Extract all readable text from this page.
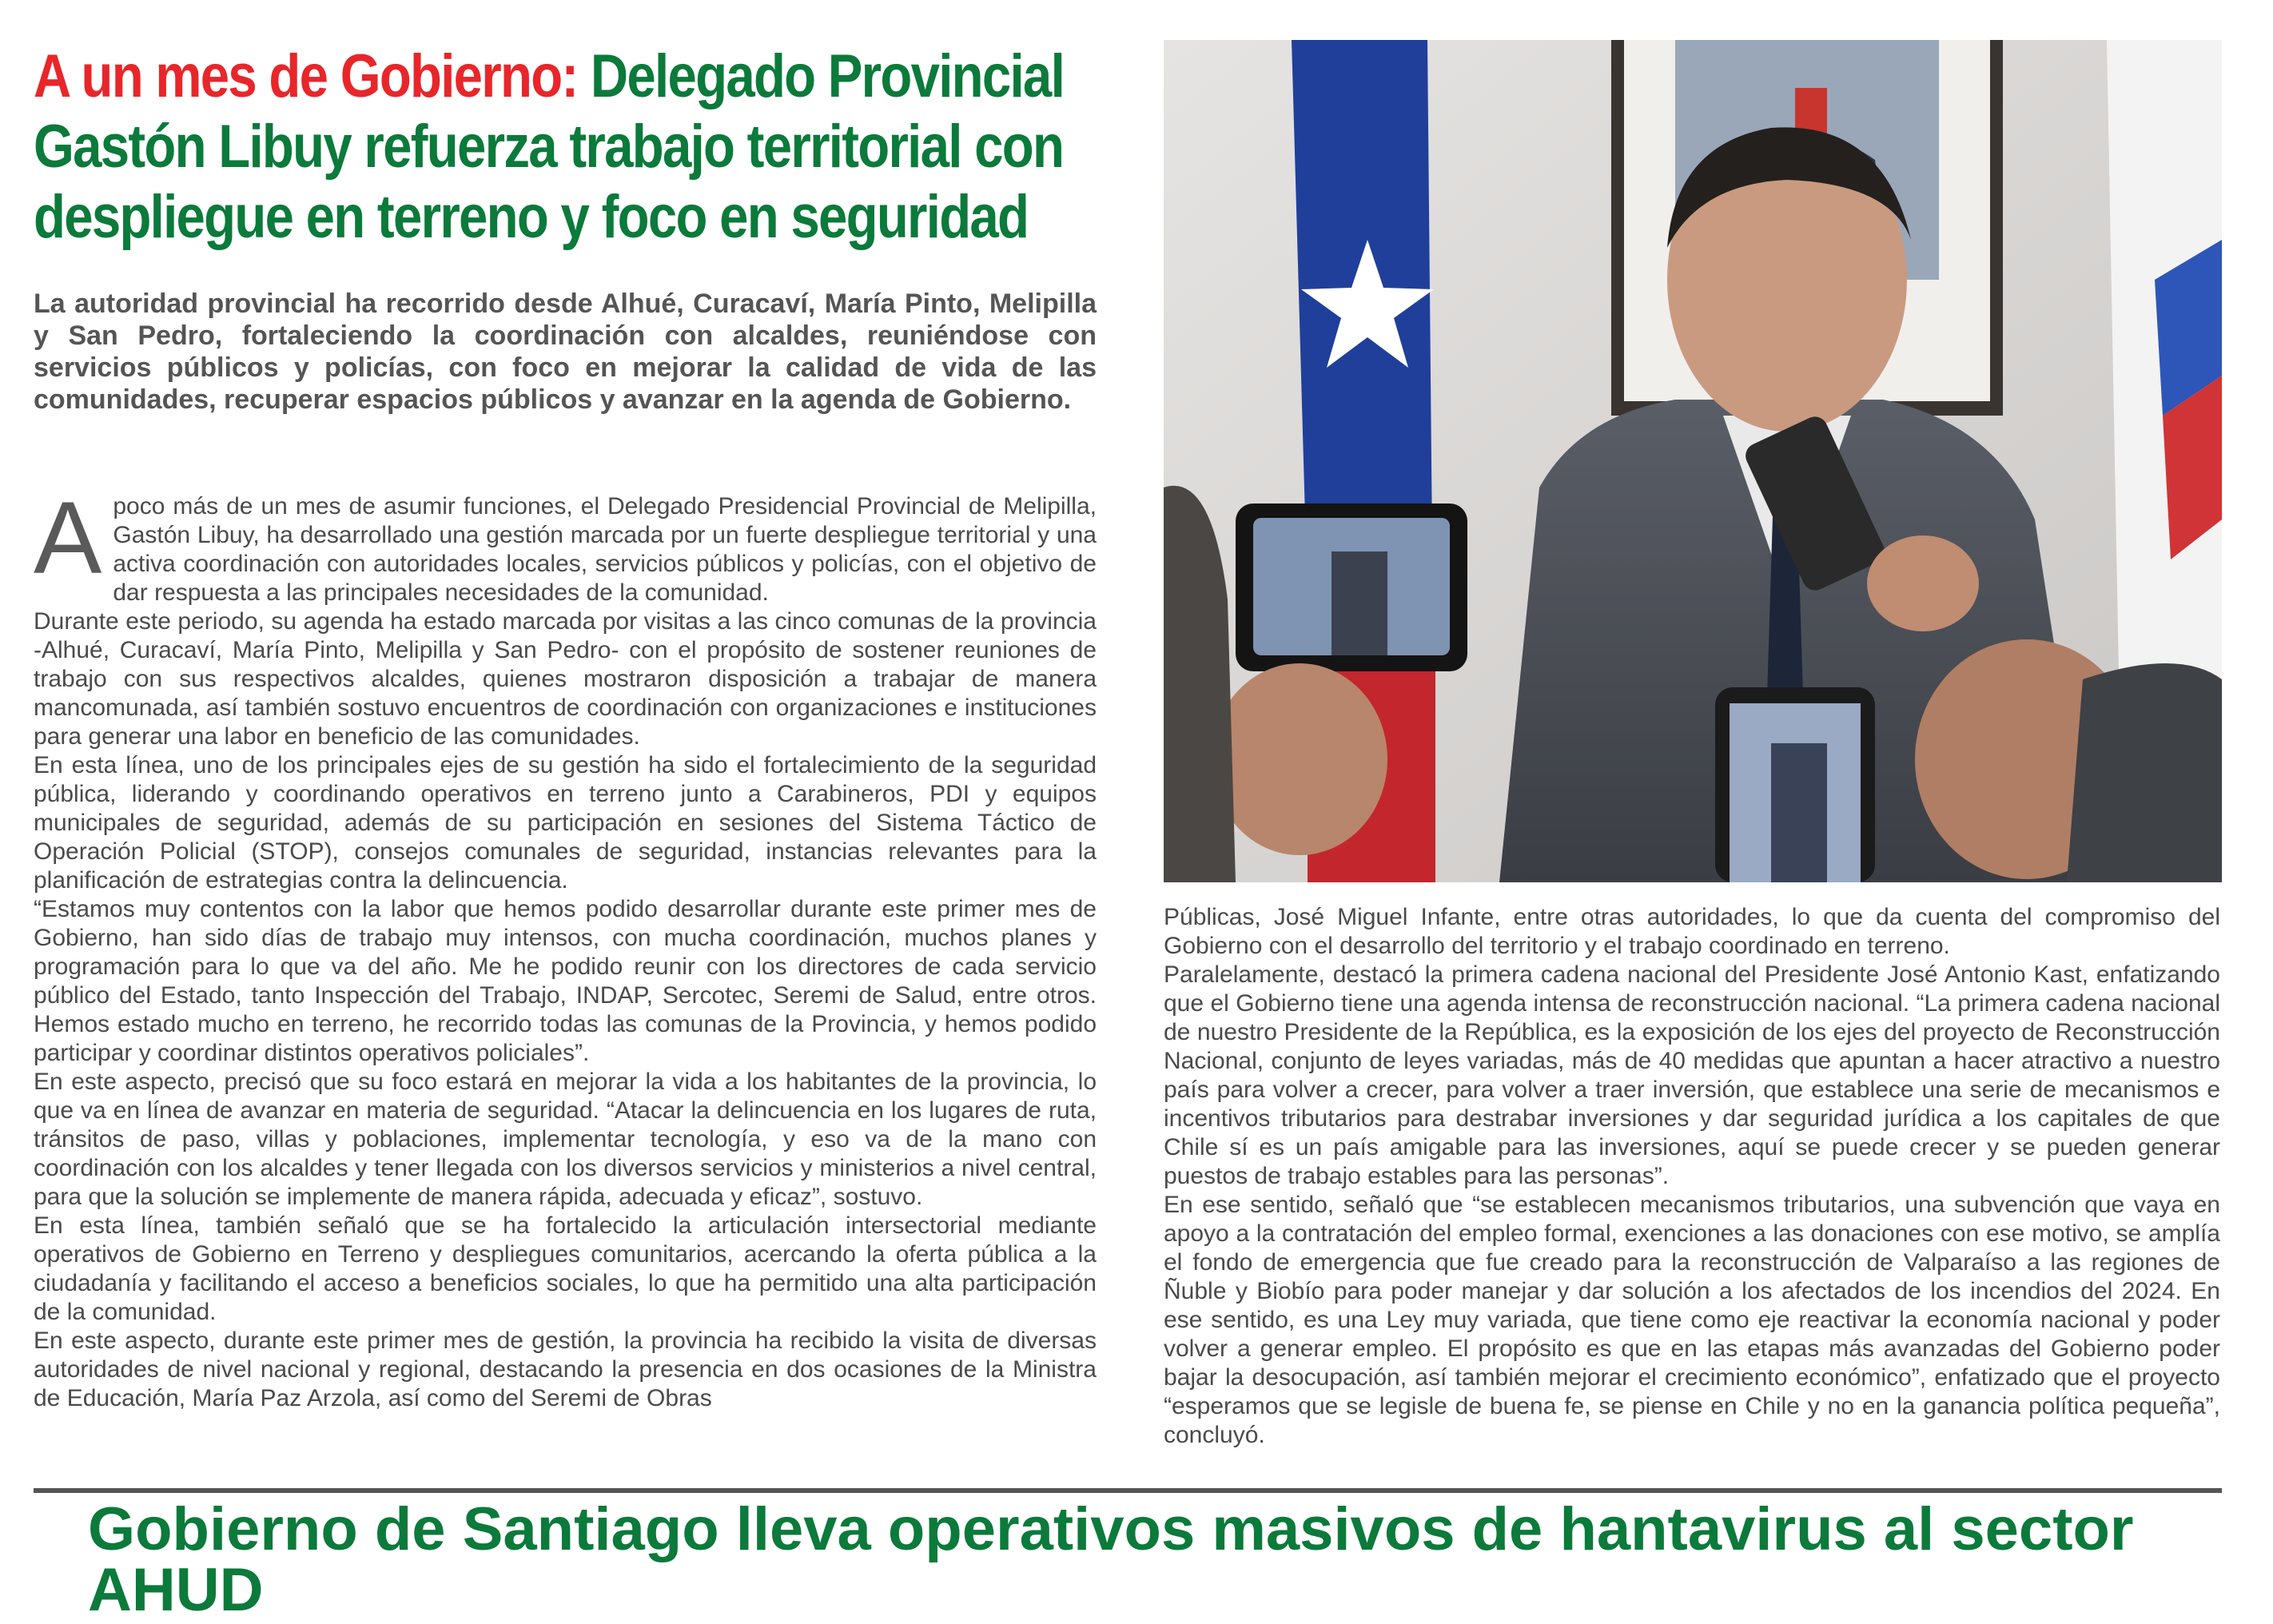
A un mes de Gobierno: Delegado Provincial Gastón Libuy refuerza trabajo territorial con despliegue en terreno y foco en seguridad

La autoridad provincial ha recorrido desde Alhué, Curacaví, María Pinto, Melipilla y San Pedro, fortaleciendo la coordinación con alcaldes, reuniéndose con servicios públicos y policías, con foco en mejorar la calidad de vida de las comunidades, recuperar espacios públicos y avanzar en la agenda de Gobierno.

A poco más de un mes de asumir funciones, el Delegado Presidencial Provincial de Melipilla, Gastón Libuy, ha desarrollado una gestión marcada por un fuerte despliegue territorial y una activa coordinación con autoridades locales, servicios públicos y policías, con el objetivo de dar respuesta a las principales necesidades de la comunidad.

Durante este periodo, su agenda ha estado marcada por visitas a las cinco comunas de la provincia -Alhué, Curacaví, María Pinto, Melipilla y San Pedro- con el propósito de sostener reuniones de trabajo con sus respectivos alcaldes, quienes mostraron disposición a trabajar de manera mancomunada, así también sostuvo encuentros de coordinación con organizaciones e instituciones para generar una labor en beneficio de las comunidades.

En esta línea, uno de los principales ejes de su gestión ha sido el fortalecimiento de la seguridad pública, liderando y coordinando operativos en terreno junto a Carabineros, PDI y equipos municipales de seguridad, además de su participación en sesiones del Sistema Táctico de Operación Policial (STOP), consejos comunales de seguridad, instancias relevantes para la planificación de estrategias contra la delincuencia.

“Estamos muy contentos con la labor que hemos podido desarrollar durante este primer mes de Gobierno, han sido días de trabajo muy intensos, con mucha coordinación, muchos planes y programación para lo que va del año. Me he podido reunir con los directores de cada servicio público del Estado, tanto Inspección del Trabajo, INDAP, Sercotec, Seremi de Salud, entre otros. Hemos estado mucho en terreno, he recorrido todas las comunas de la Provincia, y hemos podido participar y coordinar distintos operativos policiales”.

En este aspecto, precisó que su foco estará en mejorar la vida a los habitantes de la provincia, lo que va en línea de avanzar en materia de seguridad. “Atacar la delincuencia en los lugares de ruta, tránsitos de paso, villas y poblaciones, implementar tecnología, y eso va de la mano con coordinación con los alcaldes y tener llegada con los diversos servicios y ministerios a nivel central, para que la solución se implemente de manera rápida, adecuada y eficaz”, sostuvo.

En esta línea, también señaló que se ha fortalecido la articulación intersectorial mediante operativos de Gobierno en Terreno y despliegues comunitarios, acercando la oferta pública a la ciudadanía y facilitando el acceso a beneficios sociales, lo que ha permitido una alta participación de la comunidad.

En este aspecto, durante este primer mes de gestión, la provincia ha recibido la visita de diversas autoridades de nivel nacional y regional, destacando la presencia en dos ocasiones de la Ministra de Educación, María Paz Arzola, así como del Seremi de Obras

Públicas, José Miguel Infante, entre otras autoridades, lo que da cuenta del compromiso del Gobierno con el desarrollo del territorio y el trabajo coordinado en terreno.

Paralelamente, destacó la primera cadena nacional del Presidente José Antonio Kast, enfatizando que el Gobierno tiene una agenda intensa de reconstrucción nacional. “La primera cadena nacional de nuestro Presidente de la República, es la exposición de los ejes del proyecto de Reconstrucción Nacional, conjunto de leyes variadas, más de 40 medidas que apuntan a hacer atractivo a nuestro país para volver a crecer, para volver a traer inversión, que establece una serie de mecanismos e incentivos tributarios para destrabar inversiones y dar seguridad jurídica a los capitales de que Chile sí es un país amigable para las inversiones, aquí se puede crecer y se pueden generar puestos de trabajo estables para las personas”.

En ese sentido, señaló que “se establecen mecanismos tributarios, una subvención que vaya en apoyo a la contratación del empleo formal, exenciones a las donaciones con ese motivo, se amplía el fondo de emergencia que fue creado para la reconstrucción de Valparaíso a las regiones de Ñuble y Biobío para poder manejar y dar solución a los afectados de los incendios del 2024. En ese sentido, es una Ley muy variada, que tiene como eje reactivar la economía nacional y poder volver a generar empleo. El propósito es que en las etapas más avanzadas del Gobierno poder bajar la desocupación, así también mejorar el crecimiento económico”, enfatizado que el proyecto “esperamos que se legisle de buena fe, se piense en Chile y no en la ganancia política pequeña”, concluyó.

Gobierno de Santiago lleva operativos masivos de hantavirus al sector AHUD
